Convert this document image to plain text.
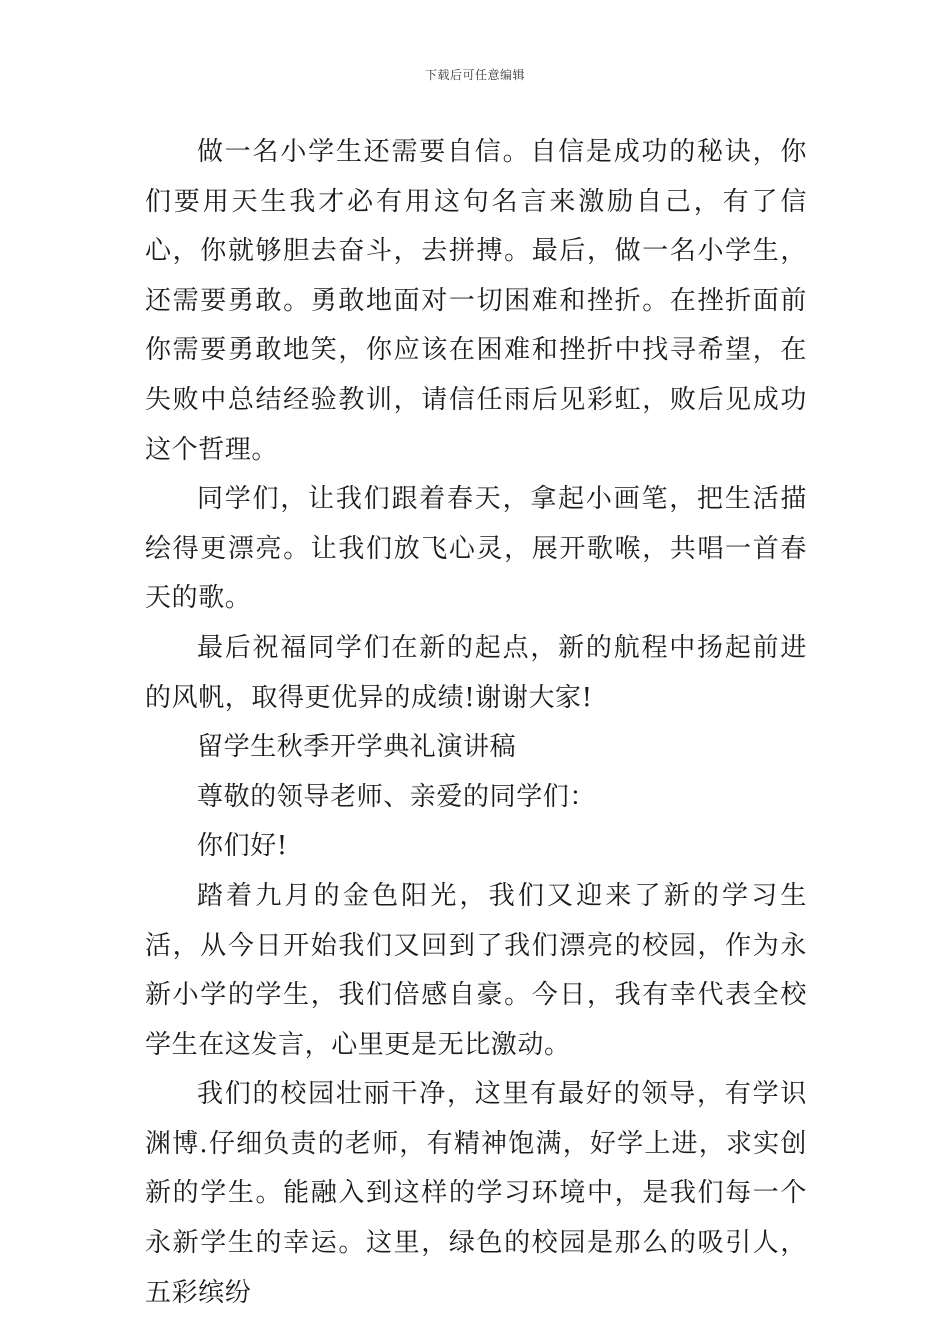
下载后可任意编辑

做一名小学生还需要自信。自信是成功的秘诀，你们要用天生我才必有用这句名言来激励自己，有了信心，你就够胆去奋斗，去拼搏。最后，做一名小学生，还需要勇敢。勇敢地面对一切困难和挫折。在挫折面前你需要勇敢地笑，你应该在困难和挫折中找寻希望，在失败中总结经验教训，请信任雨后见彩虹，败后见成功这个哲理。

同学们，让我们跟着春天，拿起小画笔，把生活描绘得更漂亮。让我们放飞心灵，展开歌喉，共唱一首春天的歌。

最后祝福同学们在新的起点，新的航程中扬起前进的风帆，取得更优异的成绩!谢谢大家!

留学生秋季开学典礼演讲稿

尊敬的领导老师、亲爱的同学们：

你们好!

踏着九月的金色阳光，我们又迎来了新的学习生活，从今日开始我们又回到了我们漂亮的校园，作为永新小学的学生，我们倍感自豪。今日，我有幸代表全校学生在这发言，心里更是无比激动。

我们的校园壮丽干净，这里有最好的领导，有学识渊博.仔细负责的老师，有精神饱满，好学上进，求实创新的学生。能融入到这样的学习环境中，是我们每一个永新学生的幸运。这里，绿色的校园是那么的吸引人，五彩缤纷
